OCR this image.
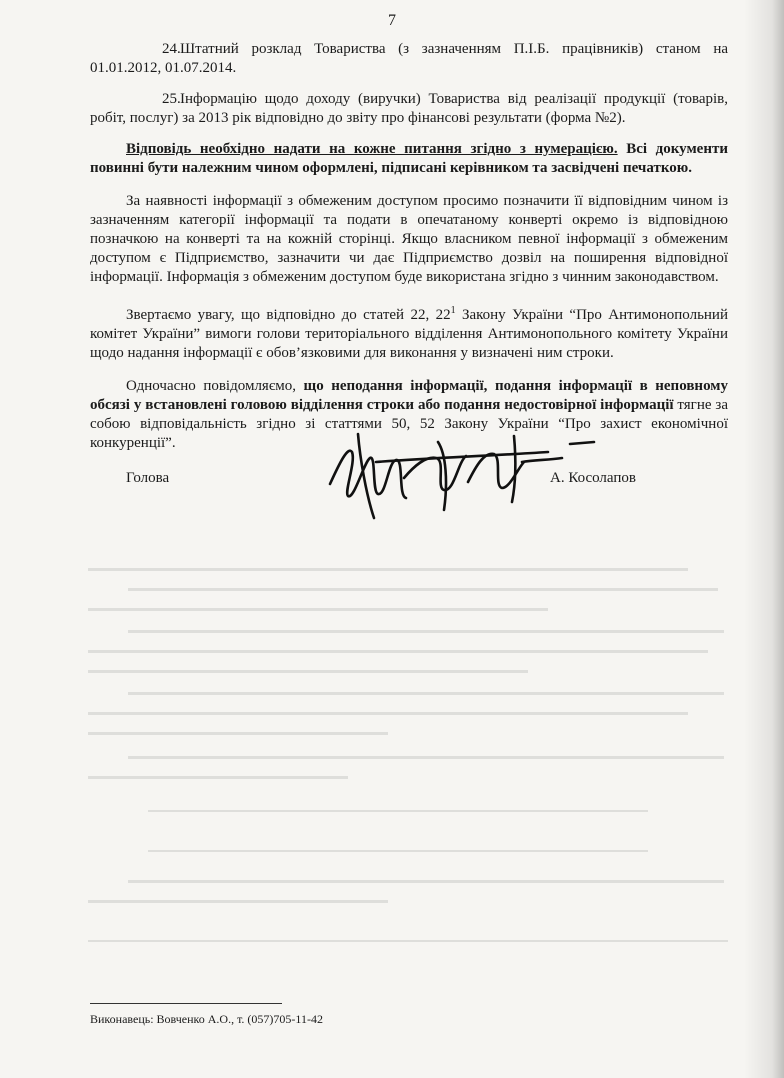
7

24.Штатний розклад Товариства (з зазначенням П.І.Б. працівників) станом на 01.01.2012, 01.07.2014.

25.Інформацію щодо доходу (виручки) Товариства від реалізації продукції (товарів, робіт, послуг) за 2013 рік відповідно до звіту про фінансові результати (форма №2).

Відповідь необхідно надати на кожне питання згідно з нумерацією. Всі документи повинні бути належним чином оформлені, підписані керівником та засвідчені печаткою.

За наявності інформації з обмеженим доступом просимо позначити її відповідним чином із зазначенням категорії інформації та подати в опечатаному конверті окремо із відповідною позначкою на конверті та на кожній сторінці. Якщо власником певної інформації з обмеженим доступом є Підприємство, зазначити чи дає Підприємство дозвіл на поширення відповідної інформації. Інформація з обмеженим доступом буде використана згідно з чинним законодавством.

Звертаємо увагу, що відповідно до статей 22, $22^1$ Закону України “Про Антимонопольний комітет України” вимоги голови територіального відділення Антимонопольного комітету України щодо надання інформації є обов’язковими для виконання у визначені ним строки.

Одночасно повідомляємо, що неподання інформації, подання інформації в неповному обсязі у встановлені головою відділення строки або подання недостовірної інформації тягне за собою відповідальність згідно зі статтями 50, 52 Закону України “Про захист економічної конкуренції”.

Голова	А. Косолапов
Виконавець: Вовченко А.О., т. (057)705-11-42
